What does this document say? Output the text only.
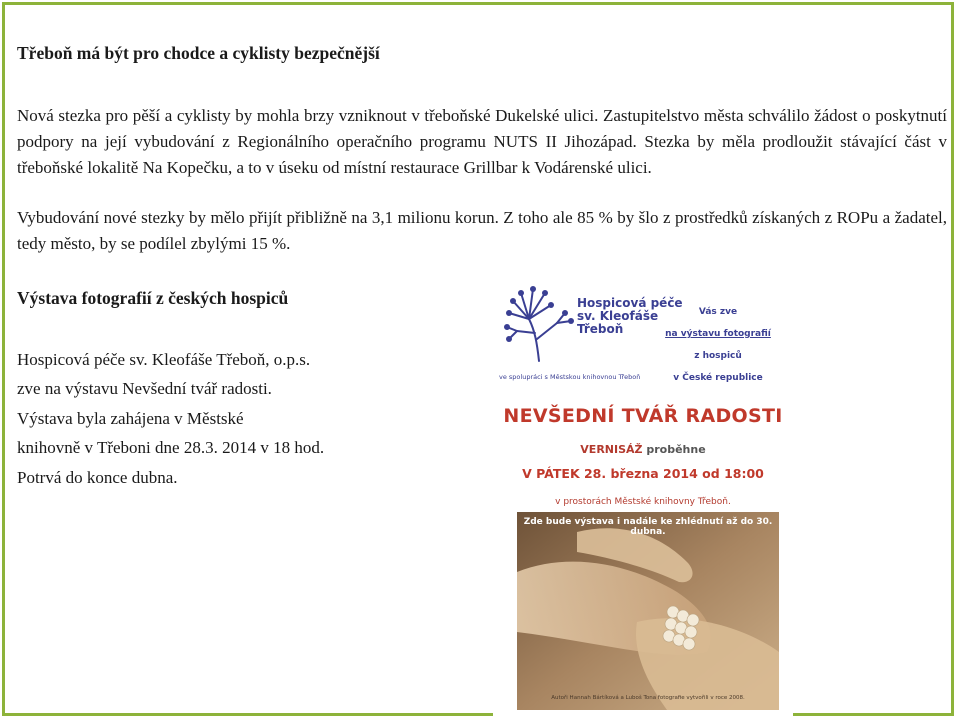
Třeboň má být pro chodce a cyklisty bezpečnější
Nová stezka pro pěší a cyklisty by mohla brzy vzniknout v třeboňské Dukelské ulici. Zastupitelstvo města schválilo žádost o poskytnutí podpory na její vybudování z Regionálního operačního programu NUTS II Jihozápad. Stezka by měla prodloužit stávající část v třeboňské lokalitě Na Kopečku, a to v úseku od místní restaurace Grillbar k Vodárenské ulici.
Vybudování nové stezky by mělo přijít přibližně na 3,1 milionu korun. Z toho ale 85 % by šlo z prostředků získaných z ROPu a žadatel, tedy město, by se podílel zbylými 15 %.
Výstava fotografií z českých hospiců
Hospicová péče sv. Kleofáše Třeboň, o.p.s.
zve na výstavu Nevšední tvář radosti.
Výstava byla zahájena v Městské
knihovně v Třeboni dne 28.3. 2014 v 18 hod.
Potrvá do konce dubna.
Hospicová péče
sv. Kleofáše
Třeboň
ve spolupráci s Městskou knihovnou Třeboň
Vás zve
na výstavu fotografií
z hospiců
v České republice
NEVŠEDNÍ TVÁŘ RADOSTI
VERNISÁŽ proběhne
V PÁTEK 28. března 2014 od 18:00
v prostorách Městské knihovny Třeboň.
Zde bude výstava i nadále ke zhlédnutí až do 30. dubna.
Autoři Hannah Bártíková a Luboš Tona fotografie vytvořili v roce 2008.
